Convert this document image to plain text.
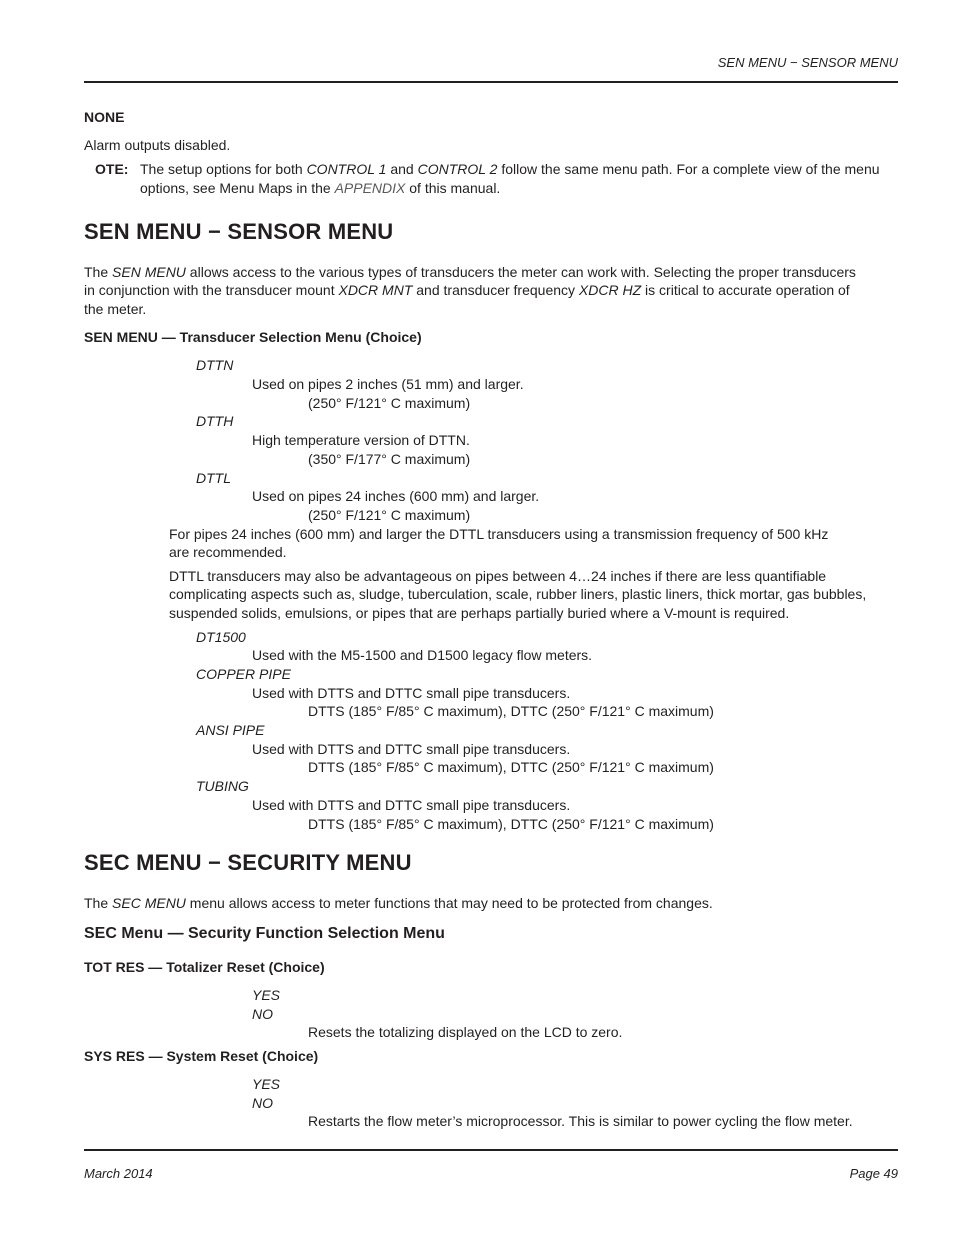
SEN MENU − SENSOR MENU
NONE
Alarm outputs disabled.
OTE: The setup options for both CONTROL 1 and CONTROL 2 follow the same menu path. For a complete view of the menu
options, see Menu Maps in the APPENDIX of this manual.
SEN MENU − SENSOR MENU
The SEN MENU allows access to the various types of transducers the meter can work with. Selecting the proper transducers
in conjunction with the transducer mount XDCR MNT and transducer frequency XDCR HZ is critical to accurate operation of
the meter.
SEN MENU — Transducer Selection Menu (Choice)
DTTN
Used on pipes 2 inches (51 mm) and larger.
(250° F/121° C maximum)
DTTH
High temperature version of DTTN.
(350° F/177° C maximum)
DTTL
Used on pipes 24 inches (600 mm) and larger.
(250° F/121° C maximum)
For pipes 24 inches (600 mm) and larger the DTTL transducers using a transmission frequency of 500 kHz
are recommended.
DTTL transducers may also be advantageous on pipes between 4…24 inches if there are less quantifiable
complicating aspects such as, sludge, tuberculation, scale, rubber liners, plastic liners, thick mortar, gas bubbles,
suspended solids, emulsions, or pipes that are perhaps partially buried where a V-mount is required.
DT1500
Used with the M5-1500 and D1500 legacy flow meters.
COPPER PIPE
Used with DTTS and DTTC small pipe transducers.
DTTS (185° F/85° C maximum), DTTC (250° F/121° C maximum)
ANSI PIPE
Used with DTTS and DTTC small pipe transducers.
DTTS (185° F/85° C maximum), DTTC (250° F/121° C maximum)
TUBING
Used with DTTS and DTTC small pipe transducers.
DTTS (185° F/85° C maximum), DTTC (250° F/121° C maximum)
SEC MENU − SECURITY MENU
The SEC MENU menu allows access to meter functions that may need to be protected from changes.
SEC Menu — Security Function Selection Menu
TOT RES — Totalizer Reset (Choice)
YES
NO
Resets the totalizing displayed on the LCD to zero.
SYS RES — System Reset (Choice)
YES
NO
Restarts the flow meter’s microprocessor. This is similar to power cycling the flow meter.
March 2014	Page 49
